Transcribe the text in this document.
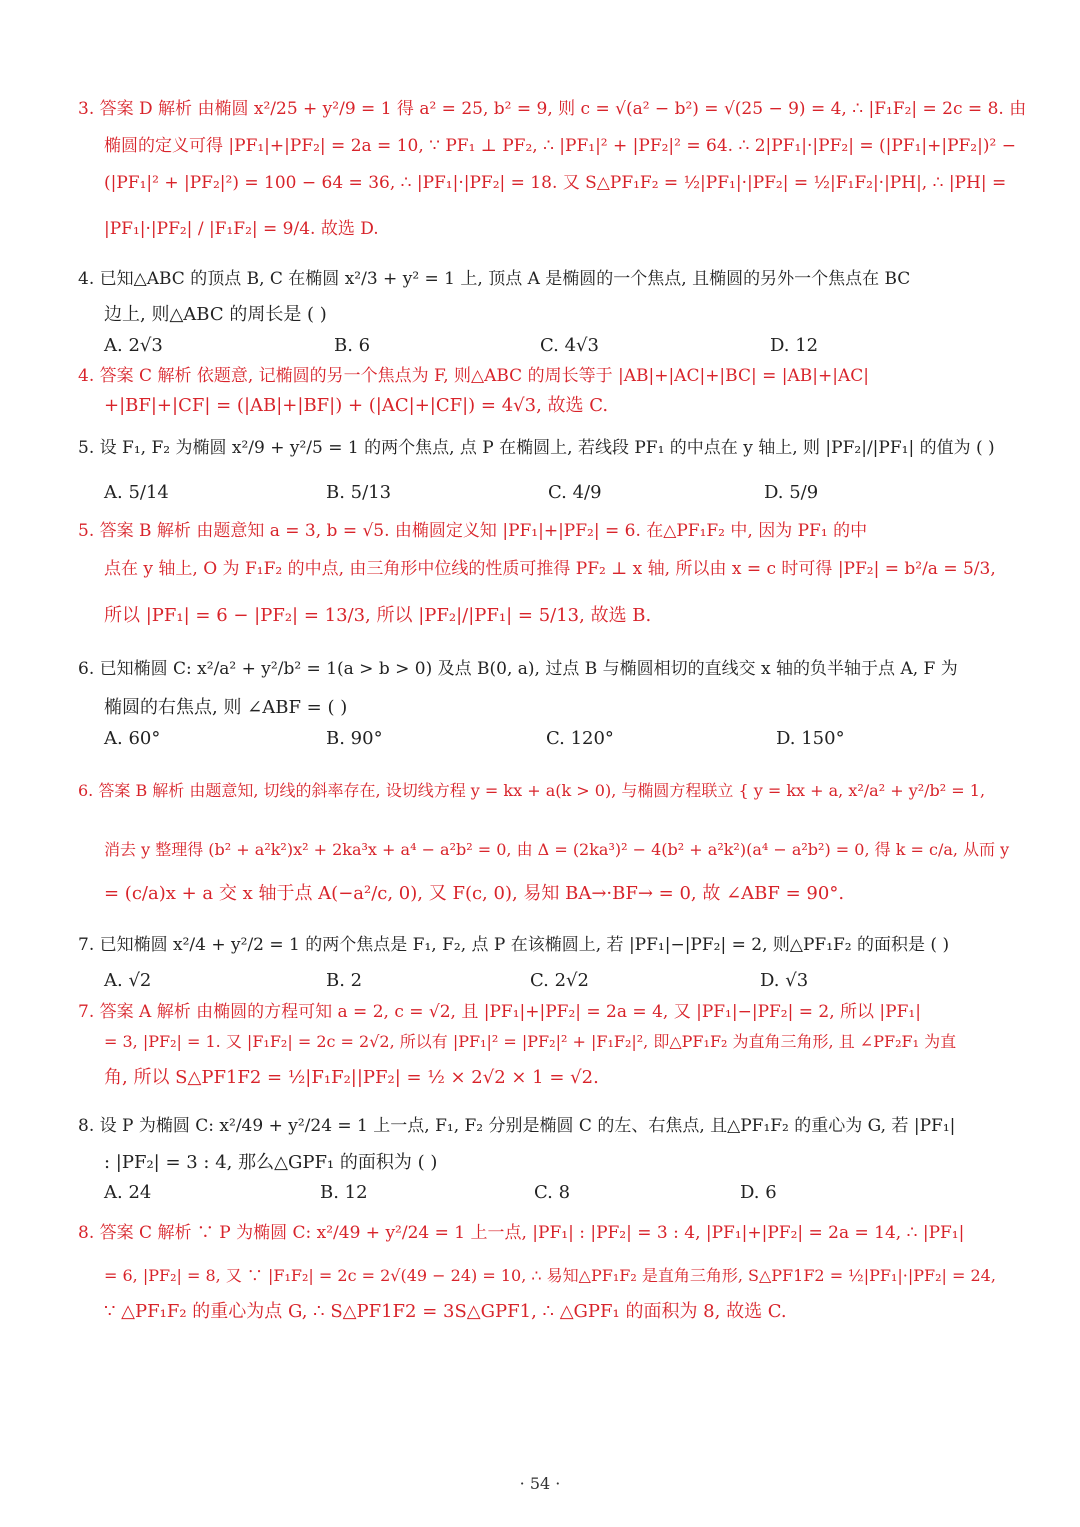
3. 答案 D 解析 由椭圆 x²/25 + y²/9 = 1 得 a² = 25, b² = 9, 则 c = √(a² − b²) = √(25 − 9) = 4, ∴ |F₁F₂| = 2c = 8. 由
椭圆的定义可得 |PF₁|+|PF₂| = 2a = 10, ∵ PF₁ ⊥ PF₂, ∴ |PF₁|² + |PF₂|² = 64. ∴ 2|PF₁|·|PF₂| = (|PF₁|+|PF₂|)² −
(|PF₁|² + |PF₂|²) = 100 − 64 = 36, ∴ |PF₁|·|PF₂| = 18. 又 S△PF₁F₂ = ½|PF₁|·|PF₂| = ½|F₁F₂|·|PH|, ∴ |PH| =
|PF₁|·|PF₂| / |F₁F₂| = 9/4. 故选 D.
4. 已知△ABC 的顶点 B, C 在椭圆 x²/3 + y² = 1 上, 顶点 A 是椭圆的一个焦点, 且椭圆的另外一个焦点在 BC
边上, 则△ABC 的周长是 ( )
A. 2√3	B. 6	C. 4√3	D. 12
4. 答案 C 解析 依题意, 记椭圆的另一个焦点为 F, 则△ABC 的周长等于 |AB|+|AC|+|BC| = |AB|+|AC|
+|BF|+|CF| = (|AB|+|BF|) + (|AC|+|CF|) = 4√3, 故选 C.
5. 设 F₁, F₂ 为椭圆 x²/9 + y²/5 = 1 的两个焦点, 点 P 在椭圆上, 若线段 PF₁ 的中点在 y 轴上, 则 |PF₂|/|PF₁| 的值为 ( )
A. 5/14	B. 5/13	C. 4/9	D. 5/9
5. 答案 B 解析 由题意知 a = 3, b = √5. 由椭圆定义知 |PF₁|+|PF₂| = 6. 在△PF₁F₂ 中, 因为 PF₁ 的中
点在 y 轴上, O 为 F₁F₂ 的中点, 由三角形中位线的性质可推得 PF₂ ⊥ x 轴, 所以由 x = c 时可得 |PF₂| = b²/a = 5/3,
所以 |PF₁| = 6 − |PF₂| = 13/3, 所以 |PF₂|/|PF₁| = 5/13, 故选 B.
6. 已知椭圆 C: x²/a² + y²/b² = 1(a > b > 0) 及点 B(0, a), 过点 B 与椭圆相切的直线交 x 轴的负半轴于点 A, F 为
椭圆的右焦点, 则 ∠ABF = ( )
A. 60°	B. 90°	C. 120°	D. 150°
6. 答案 B 解析 由题意知, 切线的斜率存在, 设切线方程 y = kx + a(k > 0), 与椭圆方程联立 { y = kx + a, x²/a² + y²/b² = 1,
消去 y 整理得 (b² + a²k²)x² + 2ka³x + a⁴ − a²b² = 0, 由 Δ = (2ka³)² − 4(b² + a²k²)(a⁴ − a²b²) = 0, 得 k = c/a, 从而 y
= (c/a)x + a 交 x 轴于点 A(−a²/c, 0), 又 F(c, 0), 易知 BA→·BF→ = 0, 故 ∠ABF = 90°.
7. 已知椭圆 x²/4 + y²/2 = 1 的两个焦点是 F₁, F₂, 点 P 在该椭圆上, 若 |PF₁|−|PF₂| = 2, 则△PF₁F₂ 的面积是 ( )
A. √2	B. 2	C. 2√2	D. √3
7. 答案 A 解析 由椭圆的方程可知 a = 2, c = √2, 且 |PF₁|+|PF₂| = 2a = 4, 又 |PF₁|−|PF₂| = 2, 所以 |PF₁|
= 3, |PF₂| = 1. 又 |F₁F₂| = 2c = 2√2, 所以有 |PF₁|² = |PF₂|² + |F₁F₂|², 即△PF₁F₂ 为直角三角形, 且 ∠PF₂F₁ 为直
角, 所以 S△PF1F2 = ½|F₁F₂||PF₂| = ½ × 2√2 × 1 = √2.
8. 设 P 为椭圆 C: x²/49 + y²/24 = 1 上一点, F₁, F₂ 分别是椭圆 C 的左、右焦点, 且△PF₁F₂ 的重心为 G, 若 |PF₁|
: |PF₂| = 3 : 4, 那么△GPF₁ 的面积为 ( )
A. 24	B. 12	C. 8	D. 6
8. 答案 C 解析 ∵ P 为椭圆 C: x²/49 + y²/24 = 1 上一点, |PF₁| : |PF₂| = 3 : 4, |PF₁|+|PF₂| = 2a = 14, ∴ |PF₁|
= 6, |PF₂| = 8, 又 ∵ |F₁F₂| = 2c = 2√(49 − 24) = 10, ∴ 易知△PF₁F₂ 是直角三角形, S△PF1F2 = ½|PF₁|·|PF₂| = 24,
∵ △PF₁F₂ 的重心为点 G, ∴ S△PF1F2 = 3S△GPF1, ∴ △GPF₁ 的面积为 8, 故选 C.
· 54 ·
